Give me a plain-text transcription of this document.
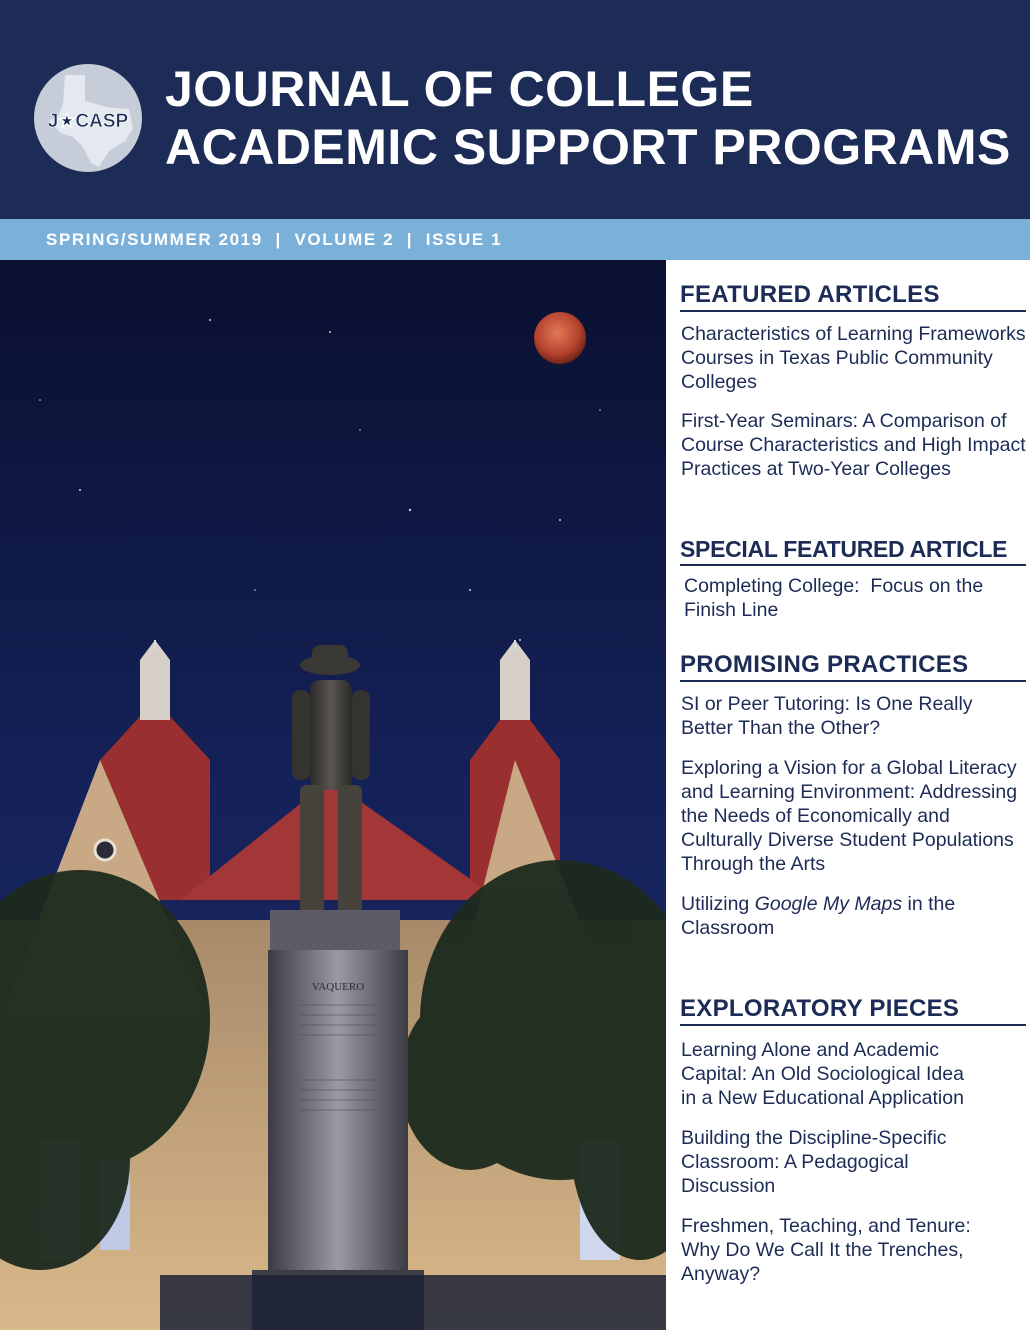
J★CASP
JOURNAL OF COLLEGE
ACADEMIC SUPPORT PROGRAMS
SPRING/SUMMER 2019  |  VOLUME 2  |  ISSUE 1
VAQUERO
FEATURED ARTICLES

Characteristics of Learning Frameworks Courses in Texas Public Community Colleges

First-Year Seminars: A Comparison of Course Characteristics and High Impact Practices at Two-Year Colleges

SPECIAL FEATURED ARTICLE

Completing College:  Focus on the Finish Line

PROMISING PRACTICES

SI or Peer Tutoring: Is One Really Better Than the Other?

Exploring a Vision for a Global Literacy and Learning Environment: Addressing the Needs of Economically and Culturally Diverse Student Populations Through the Arts

Utilizing Google My Maps in the Classroom

EXPLORATORY PIECES

Learning Alone and Academic Capital: An Old Sociological Idea in a New Educational Application

Building the Discipline-Specific Classroom: A Pedagogical Discussion

Freshmen, Teaching, and Tenure: Why Do We Call It the Trenches, Anyway?
